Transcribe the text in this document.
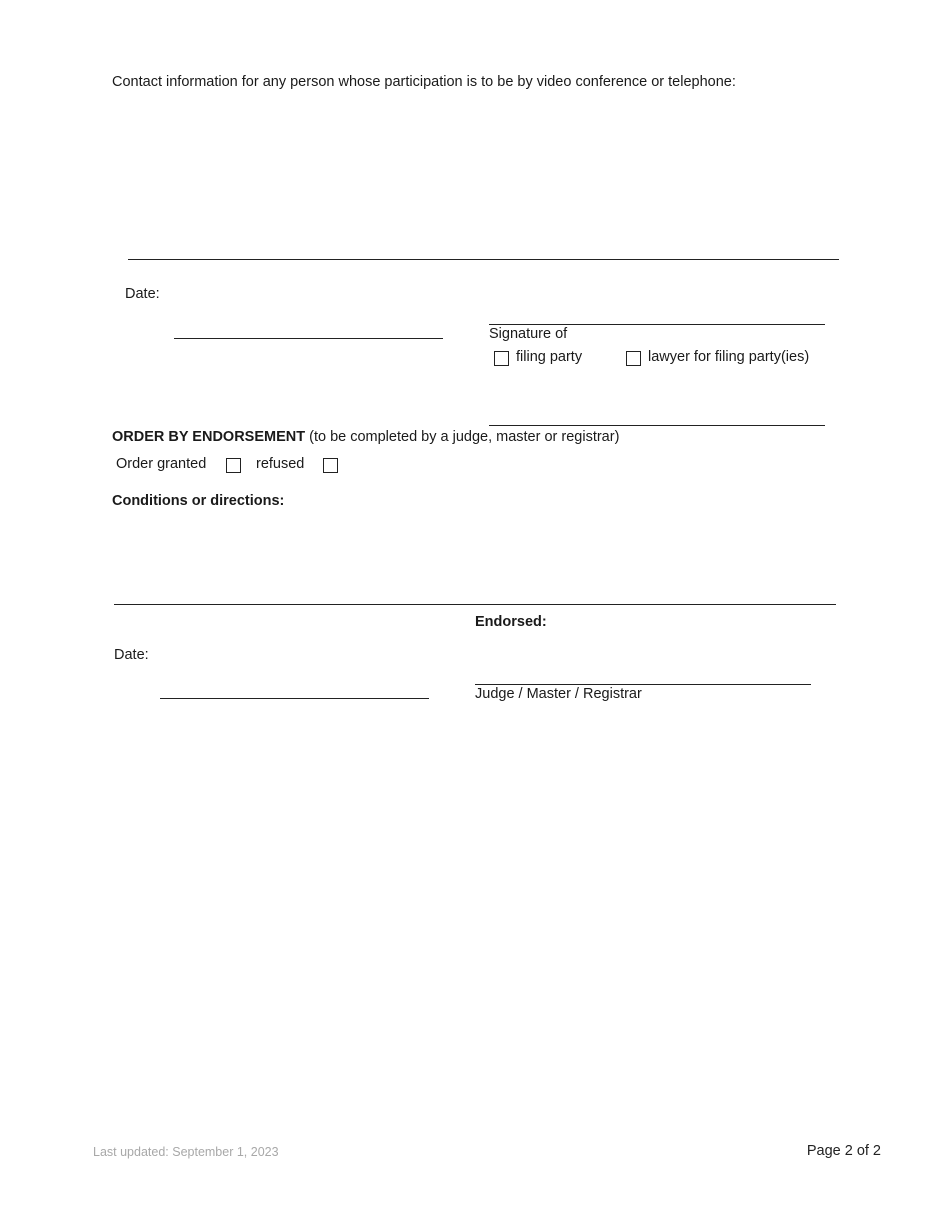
Contact information for any person whose participation is to be by video conference or telephone:
Date:
Signature of
filing party	lawyer for filing party(ies)
ORDER BY ENDORSEMENT (to be completed by a judge, master or registrar)
Order granted	refused
Conditions or directions:
Endorsed:
Date:
Judge / Master / Registrar
Last updated: September 1, 2023	Page 2 of 2
